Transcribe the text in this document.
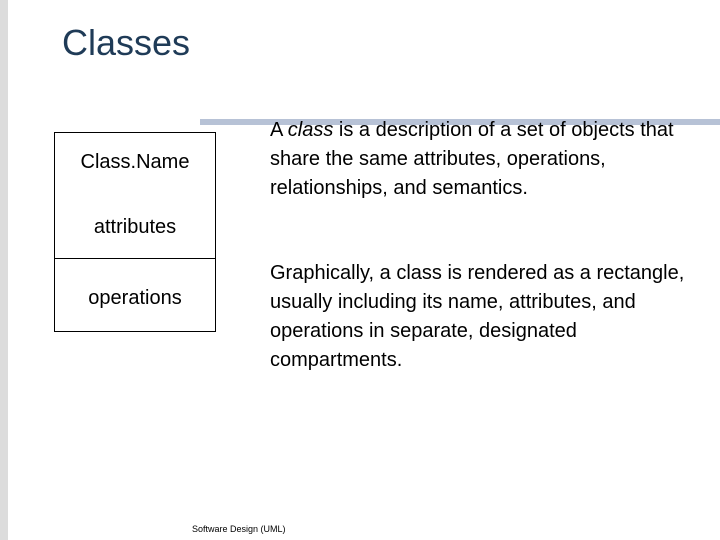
Classes
Class.Name
attributes
operations
A class is a description of a set of objects that share the same attributes, operations, relationships, and semantics.
Graphically, a class is rendered as a rectangle, usually including its name, attributes, and operations in separate, designated compartments.
Software Design (UML)
